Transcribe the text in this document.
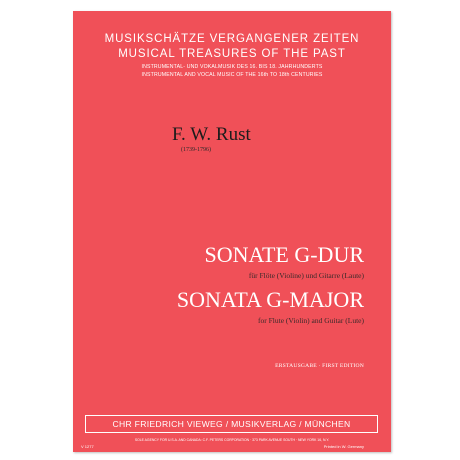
MUSIKSCHÄTZE VERGANGENER ZEITEN
MUSICAL TREASURES OF THE PAST
INSTRUMENTAL- UND VOKALMUSIK DES 16. BIS 18. JAHRHUNDERTS
INSTRUMENTAL AND VOCAL MUSIC OF THE 16th TO 18th CENTURIES
F. W. Rust
(1739-1796)
SONATE G-DUR
für Flöte (Violine) und Gitarre (Laute)
SONATA G-MAJOR
for Flute (Violin) and Guitar (Lute)
ERSTAUSGABE · FIRST EDITION
CHR FRIEDRICH VIEWEG / MUSIKVERLAG / MÜNCHEN
SOLE AGENCY FOR U.S.A. AND CANADA: C.F. PETERS CORPORATION · 373 PARK AVENUE SOUTH · NEW YORK 16, N.Y.
V 1277	Printed in W. Germany
